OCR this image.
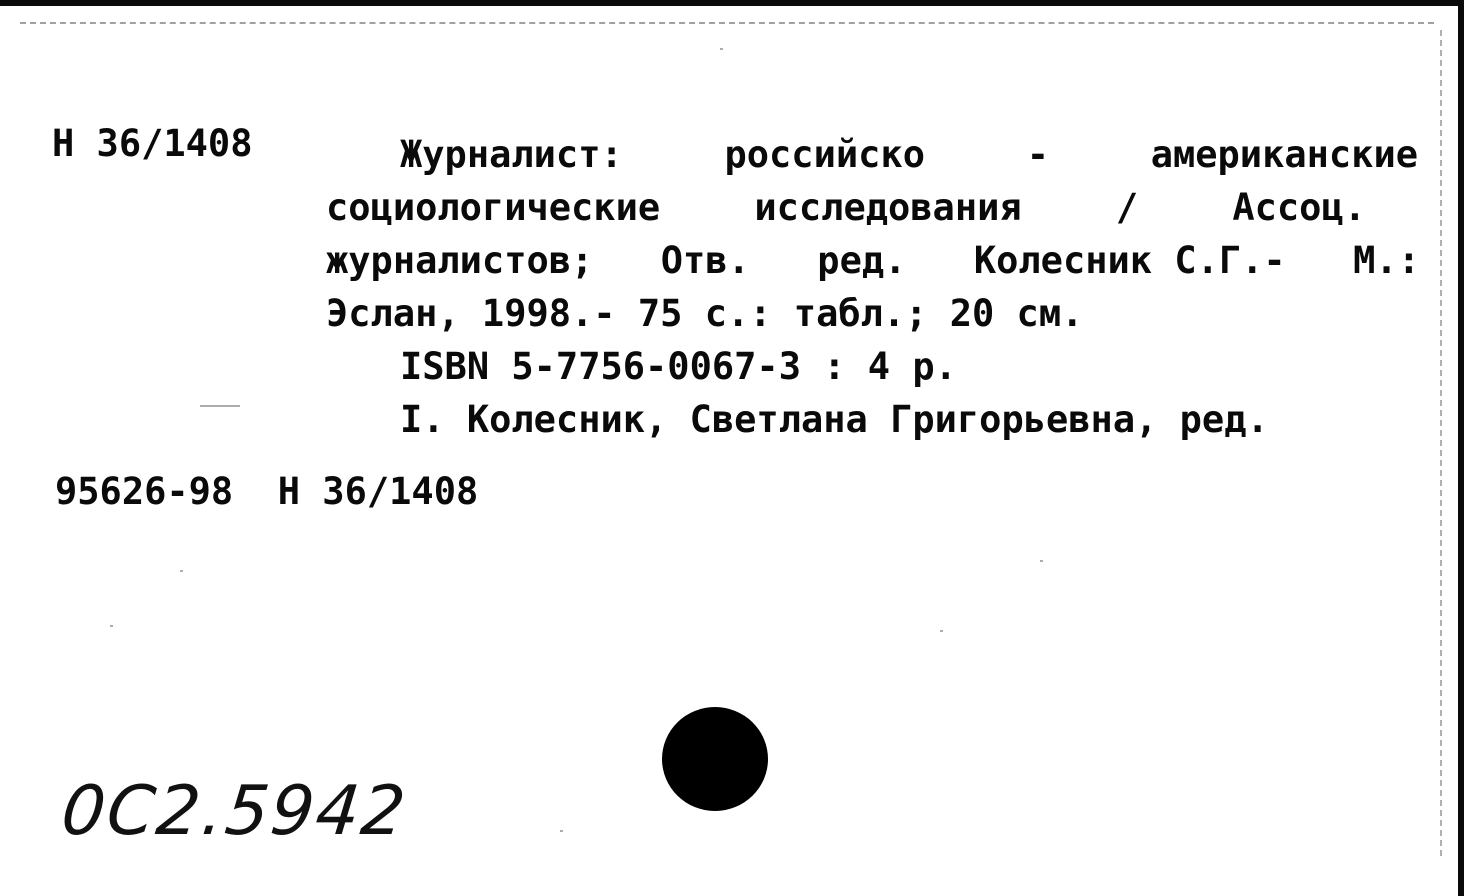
Н 36/1408	Журналист:	российско	-	американские
социологические	исследования	/	Ассоц.
журналистов; Отв. ред. Колесник С.Г.- М.:
Эслан, 1998.- 75 с.: табл.; 20 см.
ISBN 5-7756-0067-3 : 4 р.
I. Колесник, Светлана Григорьевна, ред.
95626-98  Н 36/1408
0С2.5942
